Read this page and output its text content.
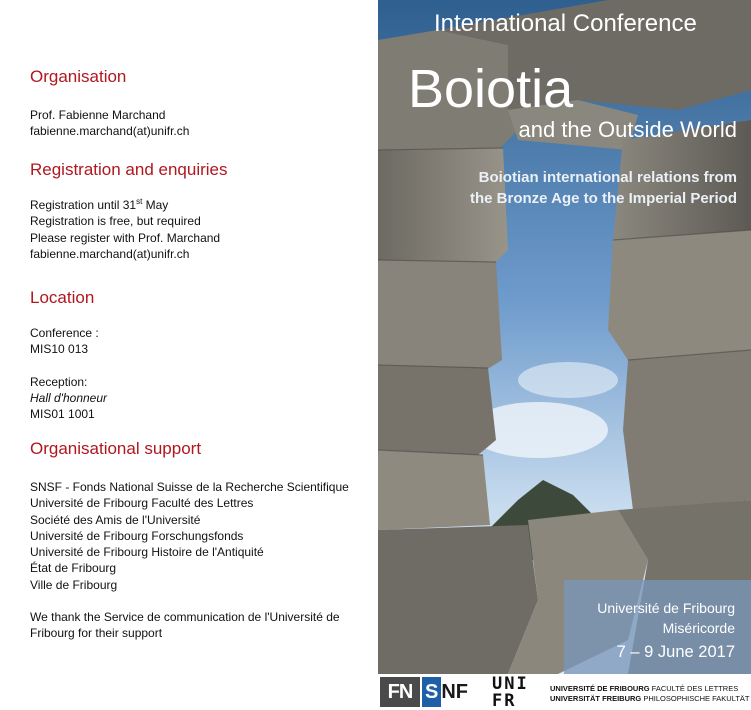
Organisation
Prof. Fabienne Marchand
fabienne.marchand(at)unifr.ch
Registration and enquiries
Registration until 31st May
Registration is free, but required
Please register with Prof. Marchand
fabienne.marchand(at)unifr.ch
Location
Conference :
MIS10 013
Reception:
Hall d'honneur
MIS01 1001
Organisational support
SNSF - Fonds National Suisse de la Recherche Scientifique
Université de Fribourg Faculté des Lettres
Société des Amis de l'Université
Université de Fribourg Forschungsfonds
Université de Fribourg Histoire de l'Antiquité
État de Fribourg
Ville de Fribourg
We thank the Service de communication de l'Université de
Fribourg for their support
International Conference
Boiotia
and the Outside World
Boiotian international relations from
the Bronze Age to the Imperial Period
Université de Fribourg
Miséricorde
7 – 9 June 2017
FN S NF	UNI
FR
UNIVERSITÉ DE FRIBOURG FACULTÉ DES LETTRES
UNIVERSITÄT FREIBURG PHILOSOPHISCHE FAKULTÄT
